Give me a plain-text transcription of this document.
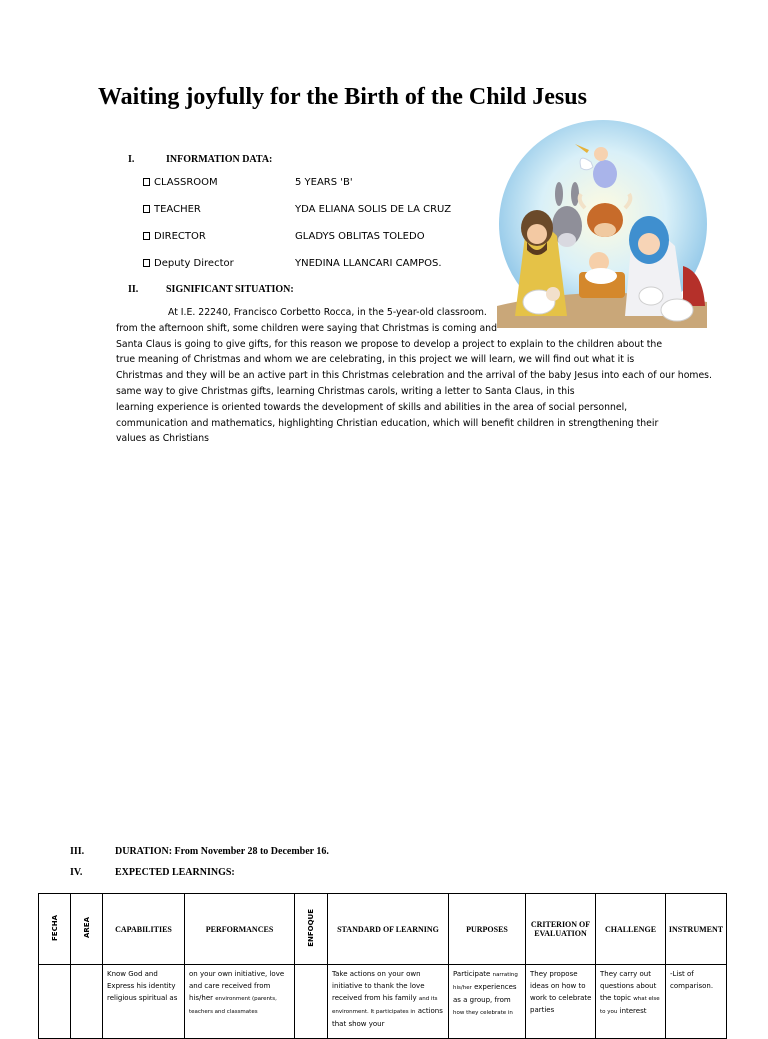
Waiting joyfully for the Birth of the Child Jesus
I.	INFORMATION DATA:
CLASSROOM	5 YEARS 'B'
TEACHER	YDA ELIANA SOLIS DE LA CRUZ
DIRECTOR	GLADYS OBLITAS TOLEDO
Deputy Director	YNEDINA LLANCARI CAMPOS.
II.	SIGNIFICANT SITUATION:

At I.E. 22240, Francisco Corbetto Rocca, in the 5-year-old classroom.

from the afternoon shift, some children were saying that Christmas is coming and

Santa Claus is going to give gifts, for this reason we propose to develop a project to explain to the children about the

true meaning of Christmas and whom we are celebrating, in this project we will learn, we will find out what it is

Christmas and they will be an active part in this Christmas celebration and the arrival of the baby Jesus into each of our homes.

same way to give Christmas gifts, learning Christmas carols, writing a letter to Santa Claus, in this

learning experience is oriented towards the development of skills and abilities in the area of social personnel,

communication and mathematics, highlighting Christian education, which will benefit children in strengthening their

values as Christians

III.	DURATION: From November 28 to December 16.
IV.	EXPECTED LEARNINGS:
FECHA	AREA	CAPABILITIES	PERFORMANCES	ENFOQUE	STANDARD OF LEARNING	PURPOSES	CRITERION OF EVALUATION	CHALLENGE	INSTRUMENT
		Know God and Express his identity religious spiritual as	on your own initiative, love and care received from his/her environment (parents, teachers and classmates		Take actions on your own initiative to thank the love received from his family and its environment. It participates in actions that show your	Participate narrating his/her experiences as a group, from how they celebrate in	They propose ideas on how to work to celebrate parties	They carry out questions about the topic what else to you interest	-List of comparison.
